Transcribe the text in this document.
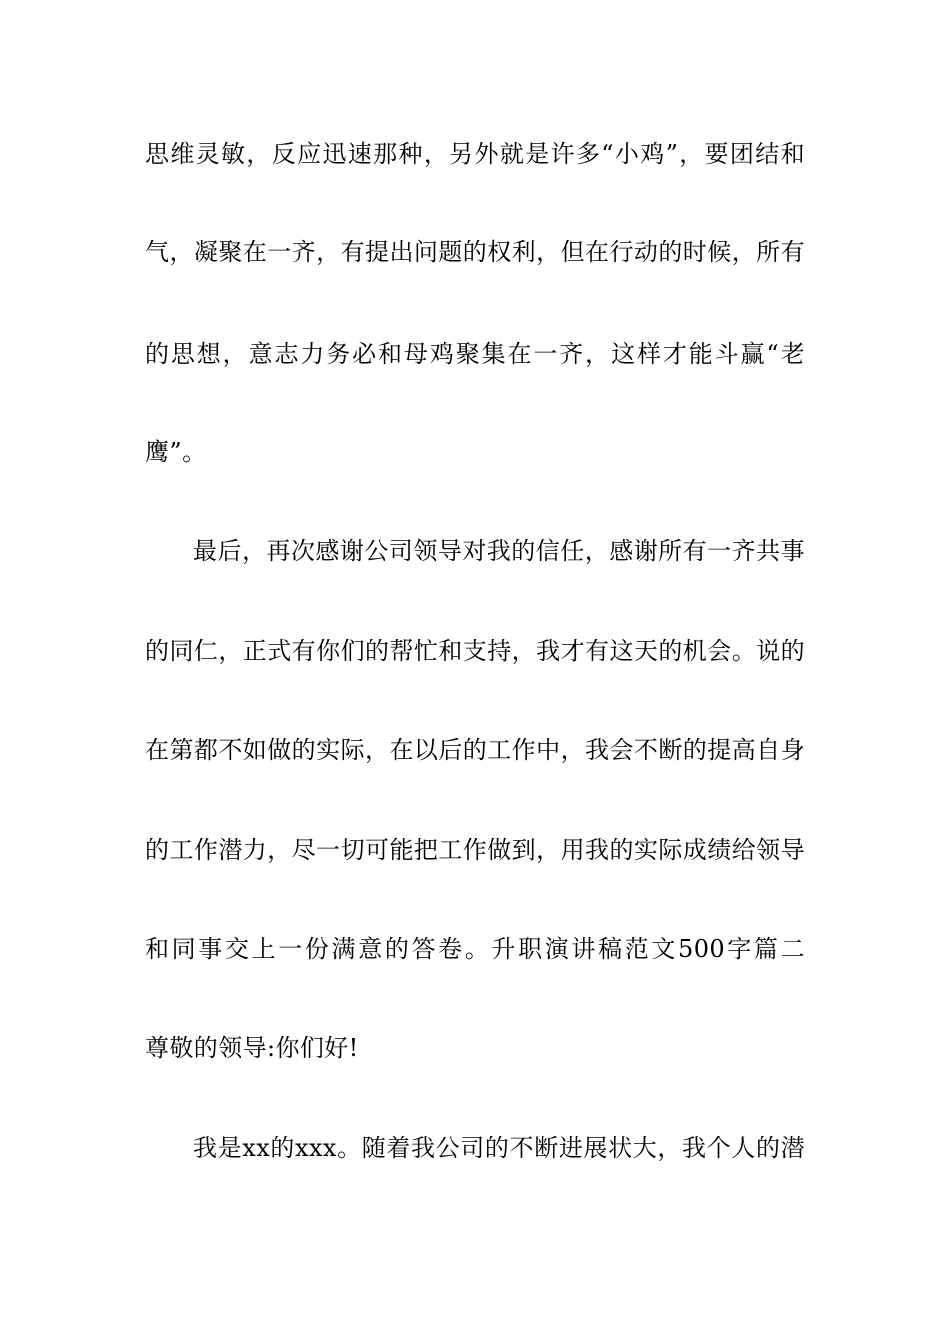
思维灵敏，反应迅速那种，另外就是许多“小鸡”，要团结和
气，凝聚在一齐，有提出问题的权利，但在行动的时候，所有
的思想，意志力务必和母鸡聚集在一齐，这样才能斗赢“老
鹰”。
最后，再次感谢公司领导对我的信任，感谢所有一齐共事
的同仁，正式有你们的帮忙和支持，我才有这天的机会。说的
在第都不如做的实际，在以后的工作中，我会不断的提高自身
的工作潜力，尽一切可能把工作做到，用我的实际成绩给领导
和同事交上一份满意的答卷。升职演讲稿范文500字篇二
尊敬的领导:你们好!
我是xx的xxx。随着我公司的不断进展状大，我个人的潜
